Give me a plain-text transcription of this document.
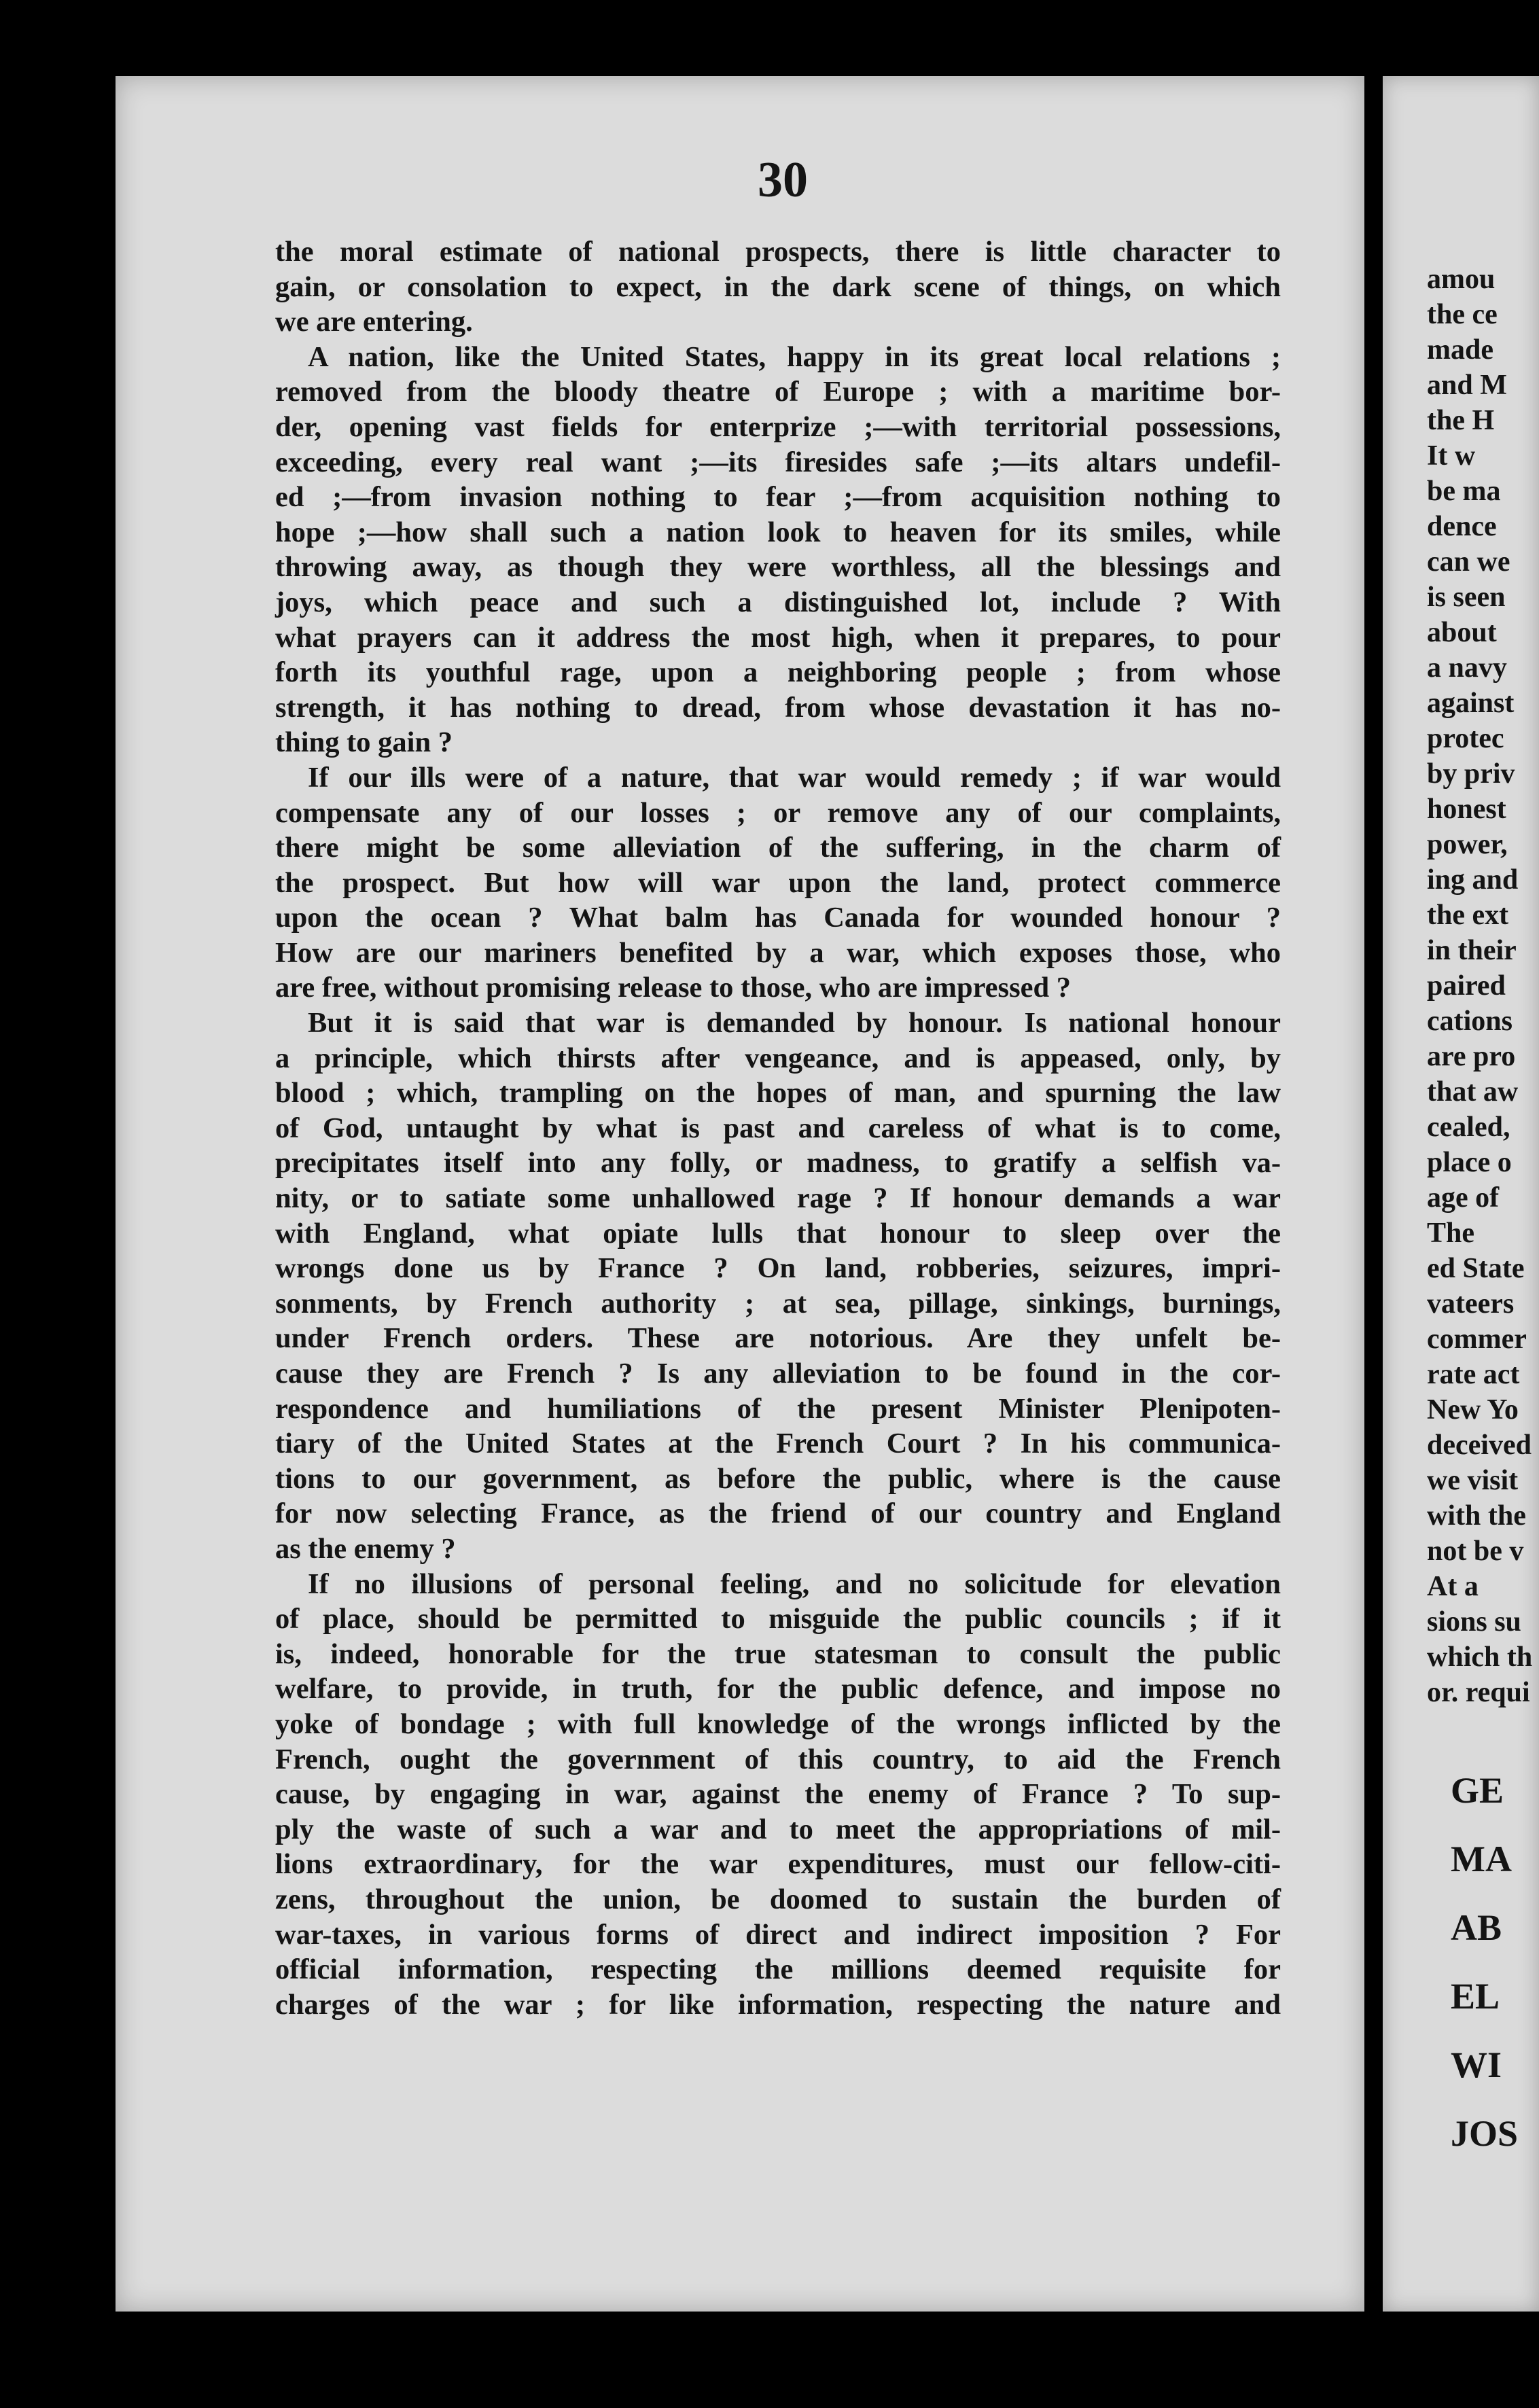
30
the moral estimate of national prospects, there is little character to
gain, or consolation to expect, in the dark scene of things, on which
we are entering.
A nation, like the United States, happy in its great local relations ;
removed from the bloody theatre of Europe ; with a maritime bor-
der, opening vast fields for enterprize ;—with territorial possessions,
exceeding, every real want ;—its firesides safe ;—its altars undefil-
ed ;—from invasion nothing to fear ;—from acquisition nothing to
hope ;—how shall such a nation look to heaven for its smiles, while
throwing away, as though they were worthless, all the blessings and
joys, which peace and such a distinguished lot, include ? With
what prayers can it address the most high, when it prepares, to pour
forth its youthful rage, upon a neighboring people ; from whose
strength, it has nothing to dread, from whose devastation it has no-
thing to gain ?
If our ills were of a nature, that war would remedy ; if war would
compensate any of our losses ; or remove any of our complaints,
there might be some alleviation of the suffering, in the charm of
the prospect. But how will war upon the land, protect commerce
upon the ocean ? What balm has Canada for wounded honour ?
How are our mariners benefited by a war, which exposes those, who
are free, without promising release to those, who are impressed ?
But it is said that war is demanded by honour. Is national honour
a principle, which thirsts after vengeance, and is appeased, only, by
blood ; which, trampling on the hopes of man, and spurning the law
of God, untaught by what is past and careless of what is to come,
precipitates itself into any folly, or madness, to gratify a selfish va-
nity, or to satiate some unhallowed rage ? If honour demands a war
with England, what opiate lulls that honour to sleep over the
wrongs done us by France ? On land, robberies, seizures, impri-
sonments, by French authority ; at sea, pillage, sinkings, burnings,
under French orders. These are notorious. Are they unfelt be-
cause they are French ? Is any alleviation to be found in the cor-
respondence and humiliations of the present Minister Plenipoten-
tiary of the United States at the French Court ? In his communica-
tions to our government, as before the public, where is the cause
for now selecting France, as the friend of our country and England
as the enemy ?
If no illusions of personal feeling, and no solicitude for elevation
of place, should be permitted to misguide the public councils ; if it
is, indeed, honorable for the true statesman to consult the public
welfare, to provide, in truth, for the public defence, and impose no
yoke of bondage ; with full knowledge of the wrongs inflicted by the
French, ought the government of this country, to aid the French
cause, by engaging in war, against the enemy of France ? To sup-
ply the waste of such a war and to meet the appropriations of mil-
lions extraordinary, for the war expenditures, must our fellow-citi-
zens, throughout the union, be doomed to sustain the burden of
war-taxes, in various forms of direct and indirect imposition ? For
official information, respecting the millions deemed requisite for
charges of the war ; for like information, respecting the nature and
amou
the ce
made
and M
the H
It w
be ma
dence
can we
is seen
about
a navy
against
protec
by priv
honest
power,
ing and
the ext
in their
paired
cations
are pro
that aw
cealed,
place o
age of
The
ed State
vateers
commer
rate act
New Yo
deceived
we visit
with the
not be v
At a
sions su
which th
or. requi
GE
MA
AB
EL
WI
JOS
